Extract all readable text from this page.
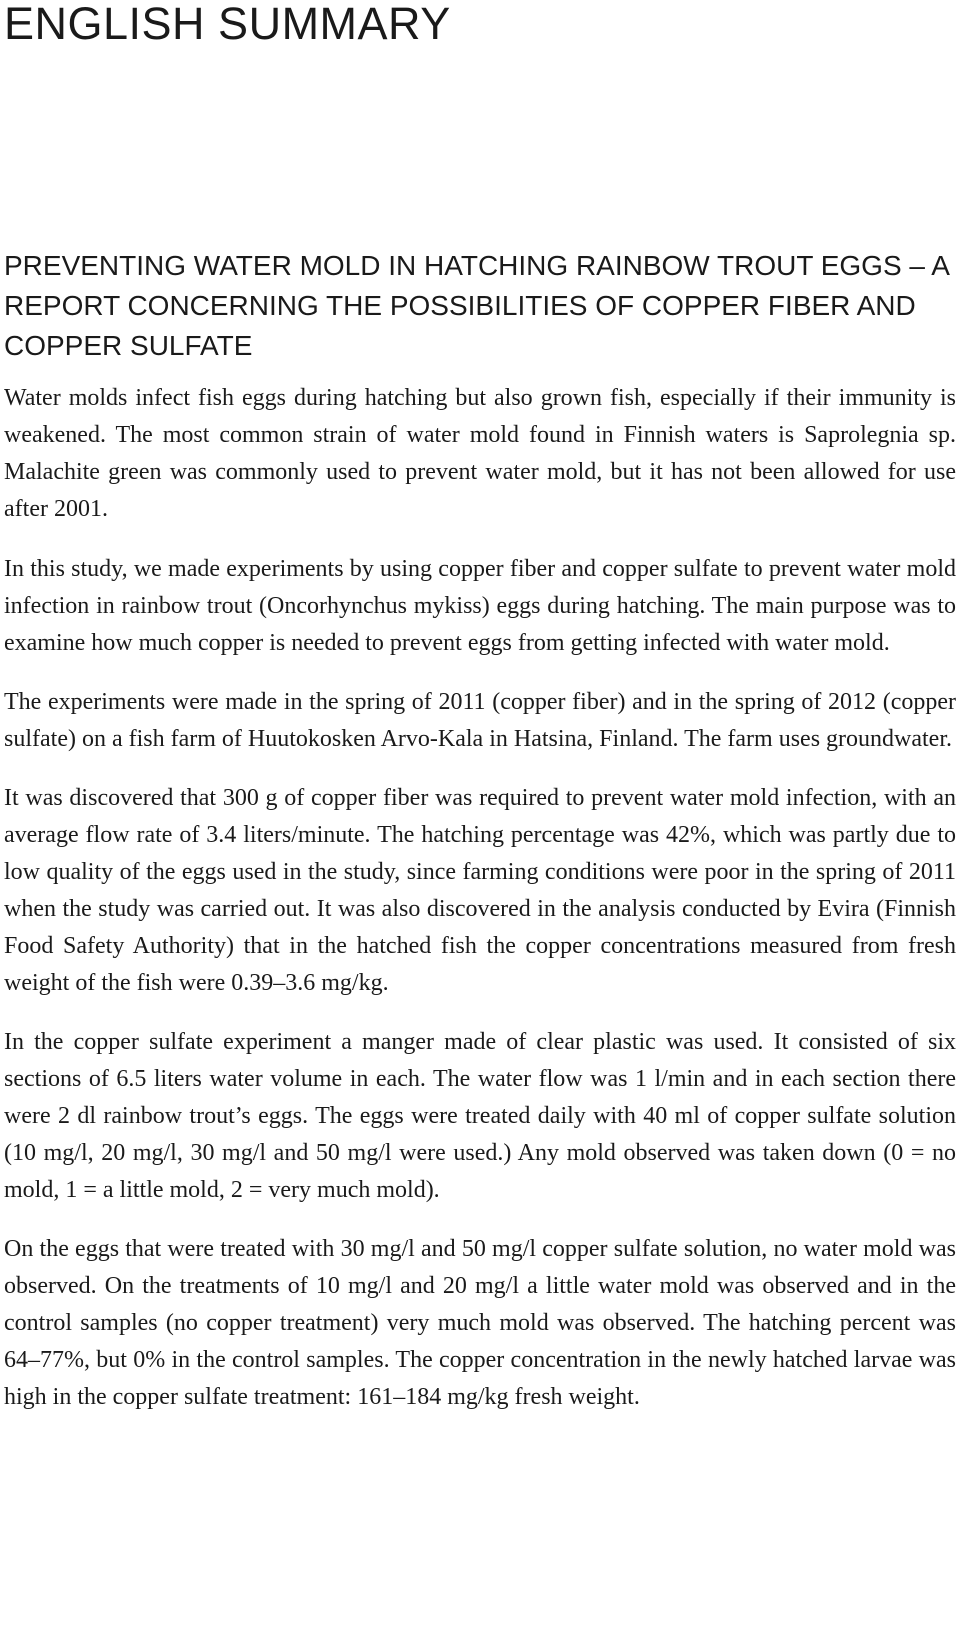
ENGLISH SUMMARY
PREVENTING WATER MOLD IN HATCHING RAINBOW TROUT EGGS – A REPORT CONCERNING THE POSSIBILITIES OF COPPER FIBER AND COPPER SULFATE

Water molds infect fish eggs during hatching but also grown fish, especially if their immunity is weakened. The most common strain of water mold found in Finnish waters is Saprolegnia sp. Malachite green was commonly used to prevent water mold, but it has not been allowed for use after 2001.

In this study, we made experiments by using copper fiber and copper sulfate to prevent water mold infection in rainbow trout (Oncorhynchus mykiss) eggs during hatching. The main purpose was to examine how much copper is needed to prevent eggs from getting infected with water mold.

The experiments were made in the spring of 2011 (copper fiber) and in the spring of 2012 (copper sulfate) on a fish farm of Huutokosken Arvo-Kala in Hatsina, Finland. The farm uses groundwater.

It was discovered that 300 g of copper fiber was required to prevent water mold infection, with an average flow rate of 3.4 liters/minute. The hatching percentage was 42%, which was partly due to low quality of the eggs used in the study, since farming conditions were poor in the spring of 2011 when the study was carried out. It was also discovered in the analysis conducted by Evira (Finnish Food Safety Authority) that in the hatched fish the copper concentrations measured from fresh weight of the fish were 0.39–3.6 mg/kg.

In the copper sulfate experiment a manger made of clear plastic was used. It consisted of six sections of 6.5 liters water volume in each. The water flow was 1 l/min and in each section there were 2 dl rainbow trout’s eggs. The eggs were treated daily with 40 ml of copper sulfate solution (10 mg/l, 20 mg/l, 30 mg/l and 50 mg/l were used.) Any mold observed was taken down (0 = no mold, 1 = a little mold, 2 = very much mold).

On the eggs that were treated with 30 mg/l and 50 mg/l copper sulfate solution, no water mold was observed. On the treatments of 10 mg/l and 20 mg/l a little water mold was observed and in the control samples (no copper treatment) very much mold was observed. The hatching percent was 64–77%, but 0% in the control samples. The copper concentration in the newly hatched larvae was high in the copper sulfate treatment: 161–184 mg/kg fresh weight.
